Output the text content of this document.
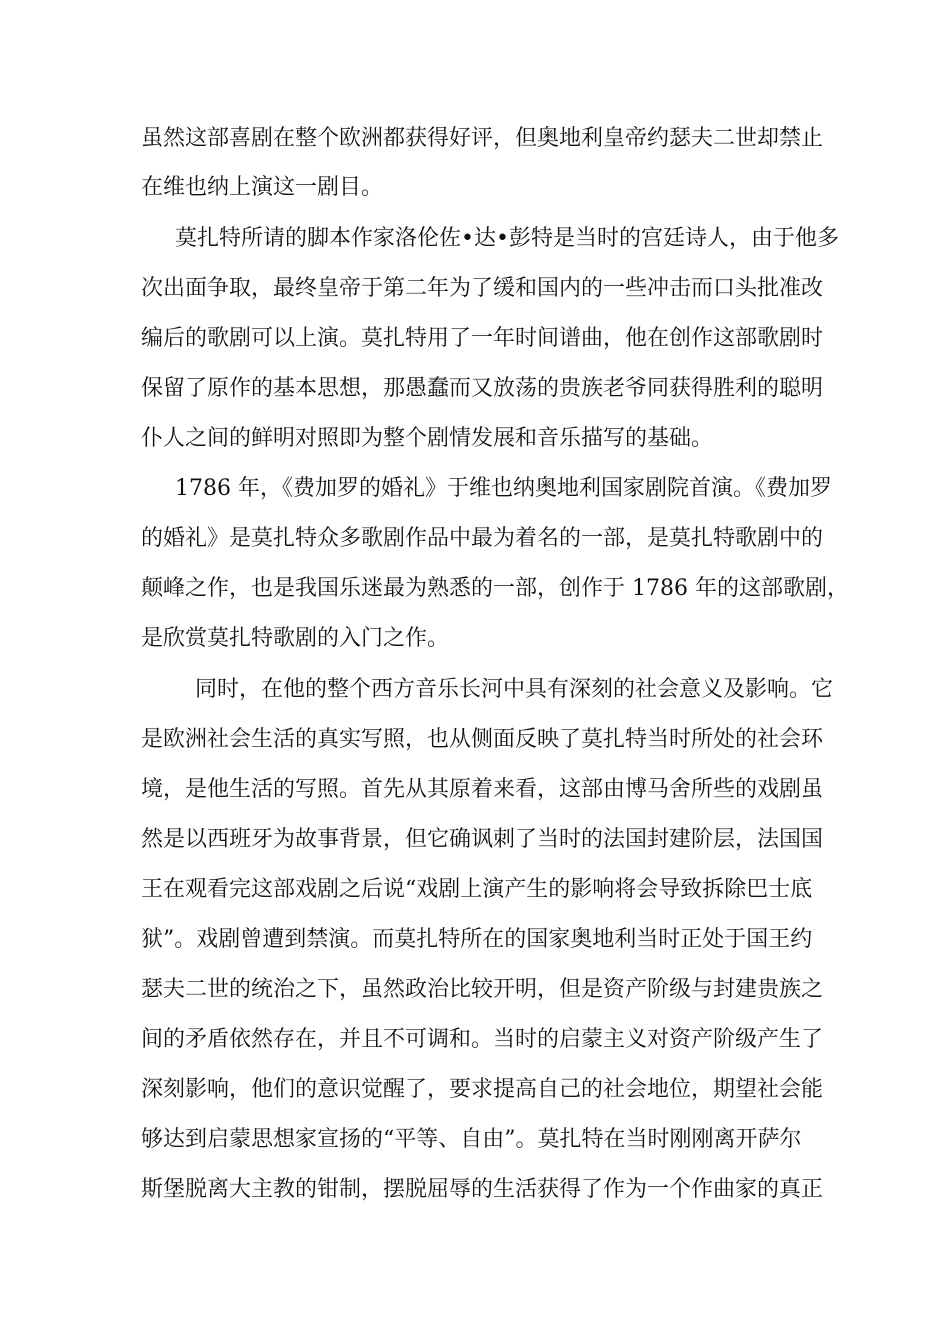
虽然这部喜剧在整个欧洲都获得好评，但奥地利皇帝约瑟夫二世却禁止
在维也纳上演这一剧目。
莫扎特所请的脚本作家洛伦佐•达•彭特是当时的宫廷诗人，由于他多
次出面争取，最终皇帝于第二年为了缓和国内的一些冲击而口头批准改
编后的歌剧可以上演。莫扎特用了一年时间谱曲，他在创作这部歌剧时
保留了原作的基本思想，那愚蠢而又放荡的贵族老爷同获得胜利的聪明
仆人之间的鲜明对照即为整个剧情发展和音乐描写的基础。
1786 年，《费加罗的婚礼》于维也纳奥地利国家剧院首演。《费加罗
的婚礼》是莫扎特众多歌剧作品中最为着名的一部，是莫扎特歌剧中的
颠峰之作，也是我国乐迷最为熟悉的一部，创作于 1786 年的这部歌剧，
是欣赏莫扎特歌剧的入门之作。
同时，在他的整个西方音乐长河中具有深刻的社会意义及影响。它
是欧洲社会生活的真实写照，也从侧面反映了莫扎特当时所处的社会环
境，是他生活的写照。首先从其原着来看，这部由博马舍所些的戏剧虽
然是以西班牙为故事背景，但它确讽刺了当时的法国封建阶层，法国国
王在观看完这部戏剧之后说“戏剧上演产生的影响将会导致拆除巴士底
狱”。戏剧曾遭到禁演。而莫扎特所在的国家奥地利当时正处于国王约
瑟夫二世的统治之下，虽然政治比较开明，但是资产阶级与封建贵族之
间的矛盾依然存在，并且不可调和。当时的启蒙主义对资产阶级产生了
深刻影响，他们的意识觉醒了，要求提高自己的社会地位，期望社会能
够达到启蒙思想家宣扬的“平等、自由”。莫扎特在当时刚刚离开萨尔
斯堡脱离大主教的钳制，摆脱屈辱的生活获得了作为一个作曲家的真正
